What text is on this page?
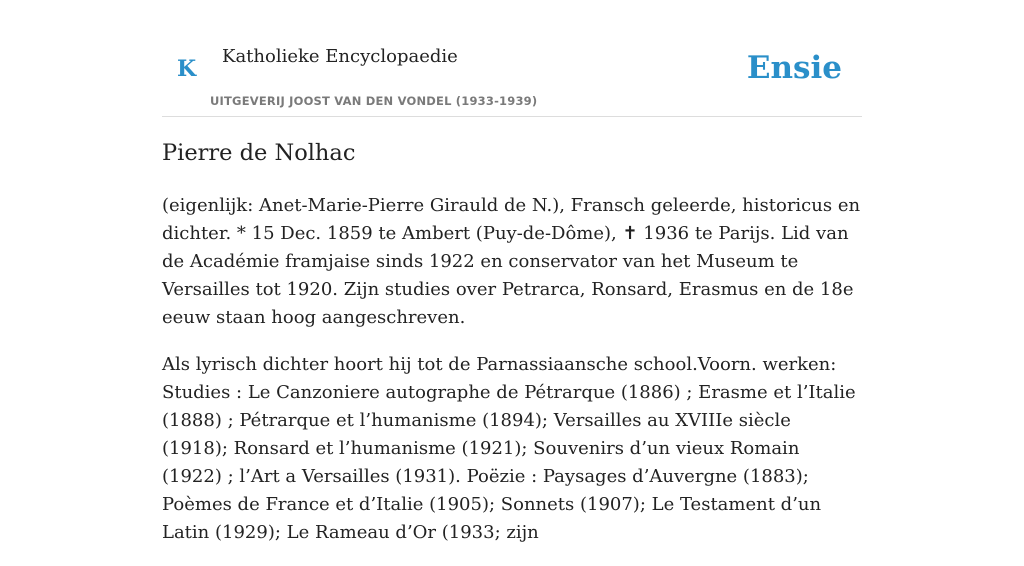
K Katholieke Encyclopaedie
UITGEVERIJ JOOST VAN DEN VONDEL (1933-1939)
Ensie
Pierre de Nolhac

(eigenlijk: Anet-Marie-Pierre Girauld de N.), Fransch geleerde, historicus en dichter. * 15 Dec. 1859 te Ambert (Puy-de-Dôme), ✝ 1936 te Parijs. Lid van de Académie framjaise sinds 1922 en conservator van het Museum te Versailles tot 1920. Zijn studies over Petrarca, Ronsard, Erasmus en de 18e eeuw staan hoog aangeschreven.

Als lyrisch dichter hoort hij tot de Parnassiaansche school.Voorn. werken: Studies : Le Canzoniere autographe de Pétrarque (1886) ; Erasme et l’Italie (1888) ; Pétrarque et l’humanisme (1894); Versailles au XVIIIe siècle (1918); Ronsard et l’humanisme (1921); Souvenirs d’un vieux Romain (1922) ; l’Art a Versailles (1931). Poëzie : Paysages d’Auvergne (1883); Poèmes de France et d’Italie (1905); Sonnets (1907); Le Testament d’un Latin (1929); Le Rameau d’Or (1933; zijn
